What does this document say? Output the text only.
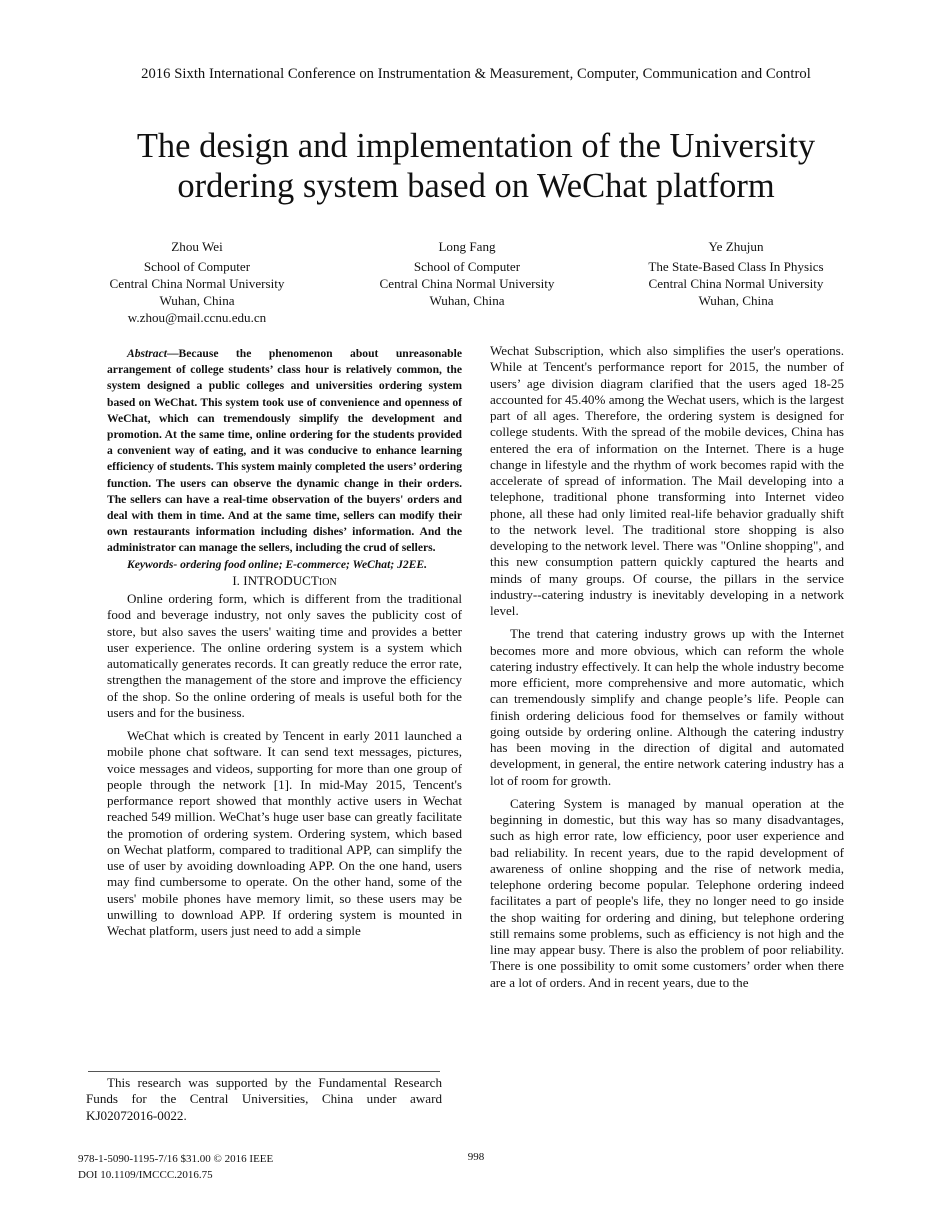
2016 Sixth International Conference on Instrumentation & Measurement, Computer, Communication and Control
The design and implementation of the University
ordering system based on WeChat platform
Zhou Wei
School of Computer
Central China Normal University
Wuhan, China
w.zhou@mail.ccnu.edu.cn
Long Fang
School of Computer
Central China Normal University
Wuhan, China
Ye Zhujun
The State-Based Class In Physics
Central China Normal University
Wuhan, China

Abstract—Because the phenomenon about unreasonable arrangement of college students’ class hour is relatively common, the system designed a public colleges and universities ordering system based on WeChat. This system took use of convenience and openness of WeChat, which can tremendously simplify the development and promotion. At the same time, online ordering for the students provided a convenient way of eating, and it was conducive to enhance learning efficiency of students. This system mainly completed the users’ ordering function. The users can observe the dynamic change in their orders. The sellers can have a real-time observation of the buyers' orders and deal with them in time. And at the same time, sellers can modify their own restaurants information including dishes’ information. And the administrator can manage the sellers, including the crud of sellers.

Keywords- ordering food online; E-commerce; WeChat; J2EE.

I. INTRODUCTION

Online ordering form, which is different from the traditional food and beverage industry, not only saves the publicity cost of store, but also saves the users' waiting time and provides a better user experience. The online ordering system is a system which automatically generates records. It can greatly reduce the error rate, strengthen the management of the store and improve the efficiency of the shop. So the online ordering of meals is useful both for the users and for the business.

WeChat which is created by Tencent in early 2011 launched a mobile phone chat software. It can send text messages, pictures, voice messages and videos, supporting for more than one group of people through the network [1]. In mid-May 2015, Tencent's performance report showed that monthly active users in Wechat reached 549 million. WeChat’s huge user base can greatly facilitate the promotion of ordering system. Ordering system, which based on Wechat platform, compared to traditional APP, can simplify the use of user by avoiding downloading APP. On the one hand, users may find cumbersome to operate. On the other hand, some of the users' mobile phones have memory limit, so these users may be unwilling to download APP. If ordering system is mounted in Wechat platform, users just need to add a simple

Wechat Subscription, which also simplifies the user's operations. While at Tencent's performance report for 2015, the number of users’ age division diagram clarified that the users aged 18-25 accounted for 45.40% among the Wechat users, which is the largest part of all ages. Therefore, the ordering system is designed for college students. With the spread of the mobile devices, China has entered the era of information on the Internet. There is a huge change in lifestyle and the rhythm of work becomes rapid with the accelerate of spread of information. The Mail developing into a telephone, traditional phone transforming into Internet video phone, all these had only limited real-life behavior gradually shift to the network level. The traditional store shopping is also developing to the network level. There was "Online shopping", and this new consumption pattern quickly captured the hearts and minds of many groups. Of course, the pillars in the service industry--catering industry is inevitably developing in a network level.

The trend that catering industry grows up with the Internet becomes more and more obvious, which can reform the whole catering industry effectively. It can help the whole industry become more efficient, more comprehensive and more automatic, which can tremendously simplify and change people’s life. People can finish ordering delicious food for themselves or family without going outside by ordering online. Although the catering industry has been moving in the direction of digital and automated development, in general, the entire network catering industry has a lot of room for growth.

Catering System is managed by manual operation at the beginning in domestic, but this way has so many disadvantages, such as high error rate, low efficiency, poor user experience and bad reliability. In recent years, due to the rapid development of awareness of online shopping and the rise of network media, telephone ordering become popular. Telephone ordering indeed facilitates a part of people's life, they no longer need to go inside the shop waiting for ordering and dining, but telephone ordering still remains some problems, such as efficiency is not high and the line may appear busy. There is also the problem of poor reliability. There is one possibility to omit some customers’ order when there are a lot of orders. And in recent years, due to the

This research was supported by the Fundamental Research Funds for the Central Universities, China under award KJ02072016-0022.

978-1-5090-1195-7/16 $31.00 © 2016 IEEE
DOI 10.1109/IMCCC.2016.75
998
